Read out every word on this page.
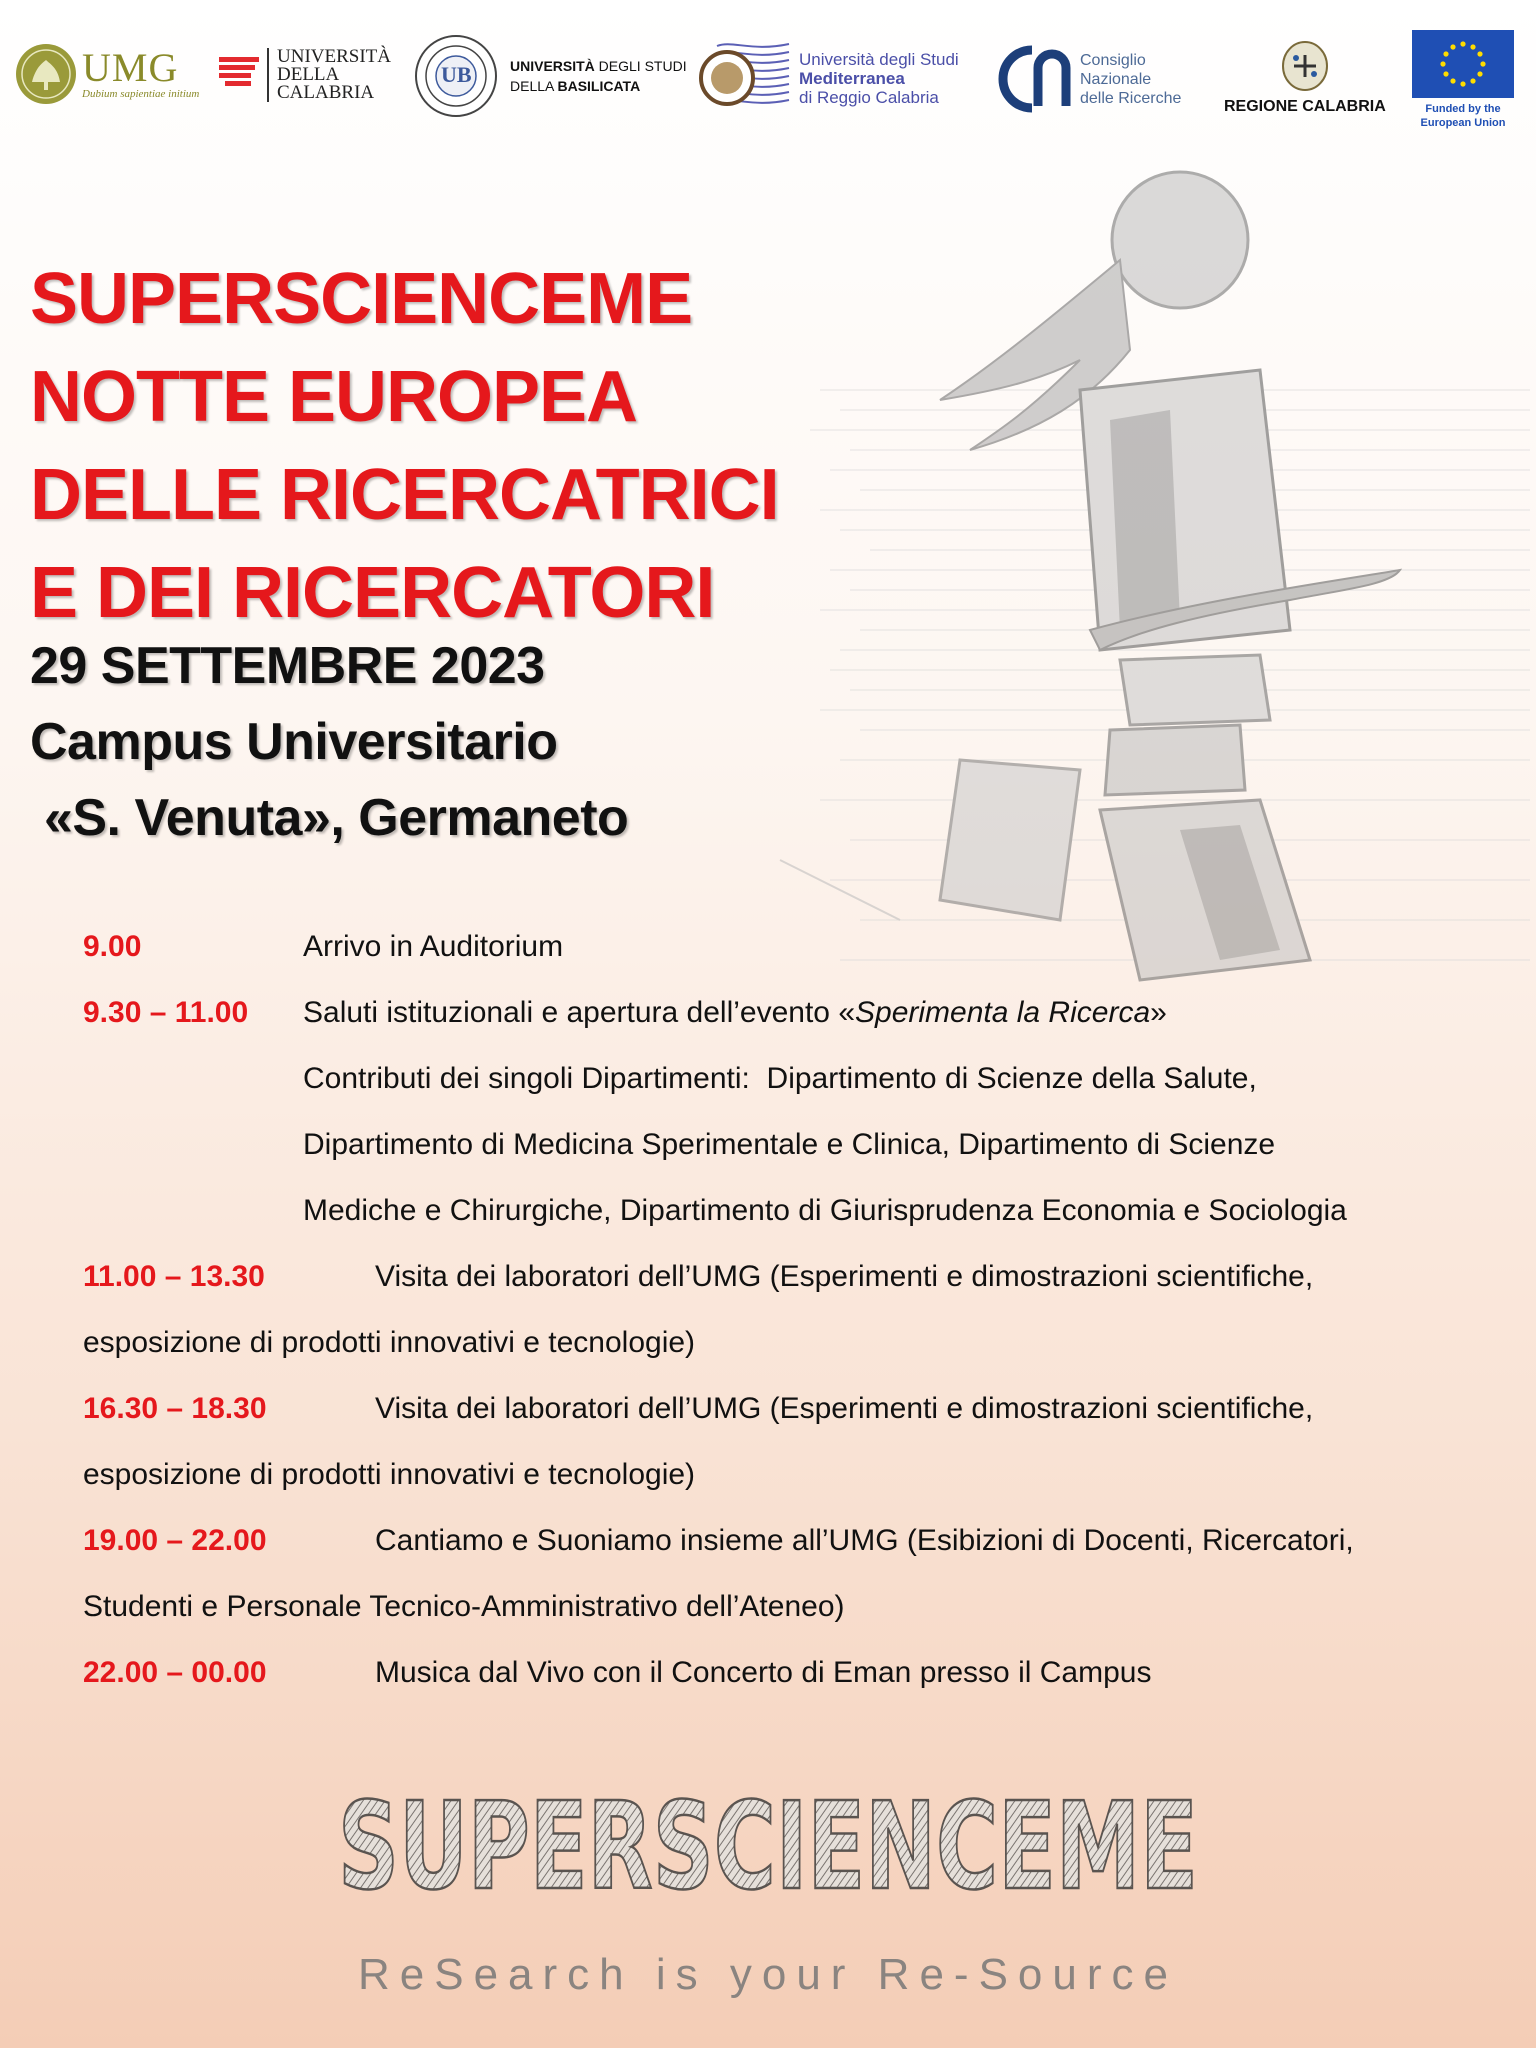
UMG
Dubium sapientiae initium
UNIVERSITÀ
DELLA
CALABRIA
UB	UNIVERSITÀ DEGLI STUDI
DELLA BASILICATA
Università degli Studi
Mediterranea
di Reggio Calabria
Consiglio
Nazionale
delle Ricerche	REGIONE CALABRIA	Funded by the
European Union
SUPERSCIENCEME
NOTTE EUROPEA
DELLE RICERCATRICI
E DEI RICERCATORI
29 SETTEMBRE 2023
Campus Universitario
«S. Venuta», Germaneto
9.00	Arrivo in Auditorium
9.30 – 11.00 Saluti istituzionali e apertura dell’evento «Sperimenta la Ricerca»
Contributi dei singoli Dipartimenti:  Dipartimento di Scienze della Salute,
Dipartimento di Medicina Sperimentale e Clinica, Dipartimento di Scienze
Mediche e Chirurgiche, Dipartimento di Giurisprudenza Economia e Sociologia
11.00 – 13.30	Visita dei laboratori dell’UMG (Esperimenti e dimostrazioni scientifiche,
esposizione di prodotti innovativi e tecnologie)
16.30 – 18.30	Visita dei laboratori dell’UMG (Esperimenti e dimostrazioni scientifiche,
esposizione di prodotti innovativi e tecnologie)
19.00 – 22.00	Cantiamo e Suoniamo insieme all’UMG (Esibizioni di Docenti, Ricercatori,
Studenti e Personale Tecnico-Amministrativo dell’Ateneo)
22.00 – 00.00	Musica dal Vivo con il Concerto di Eman presso il Campus
SUPERSCIENCEME
ReSearch is your Re-Source
